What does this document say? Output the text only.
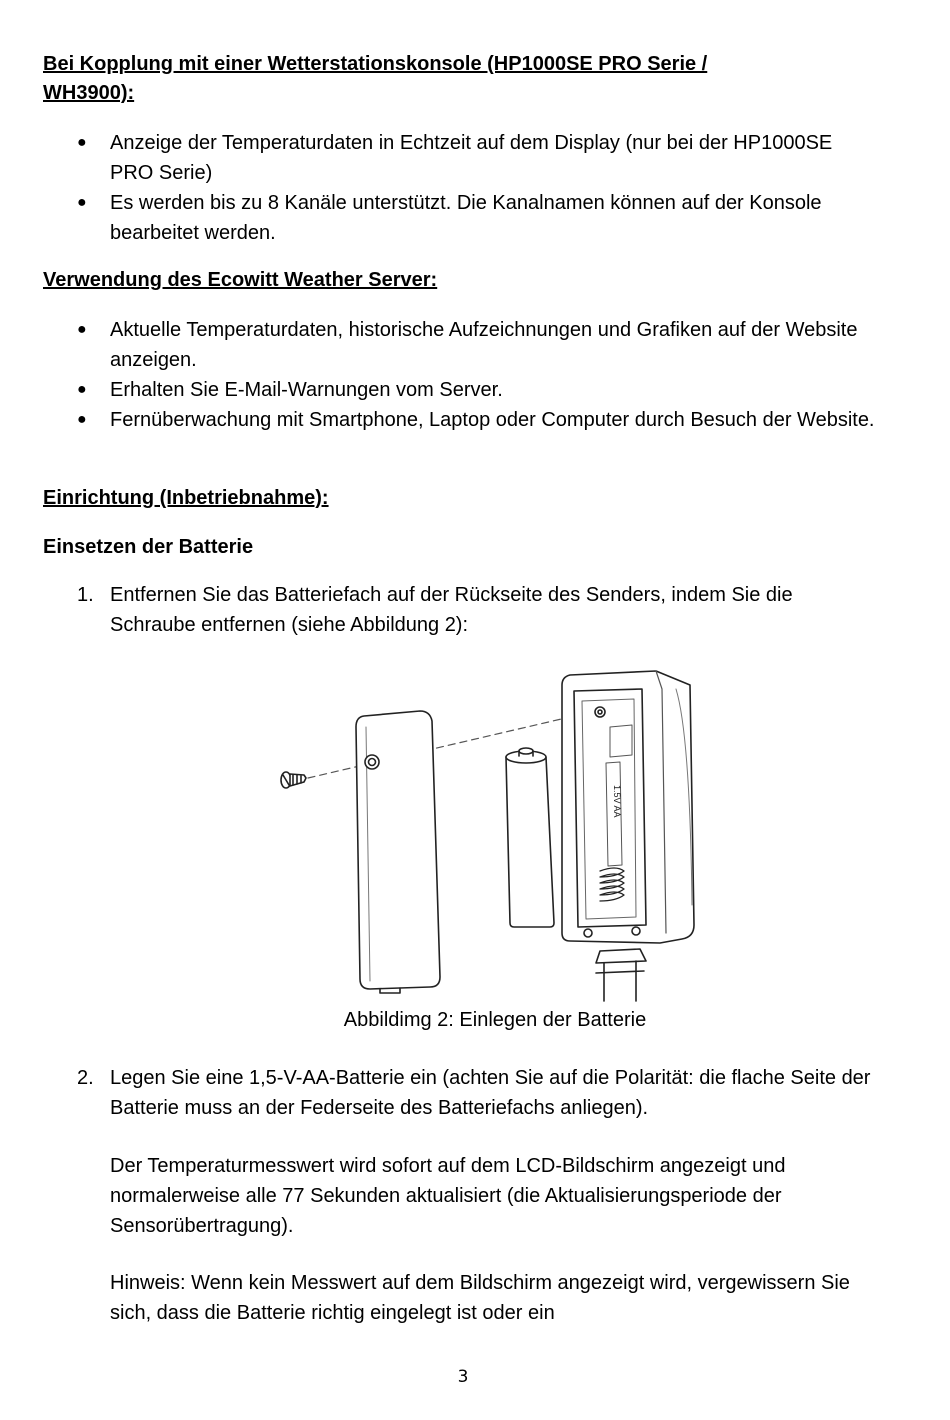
Bei Kopplung mit einer Wetterstationskonsole (HP1000SE PRO Serie / WH3900):
● Anzeige der Temperaturdaten in Echtzeit auf dem Display (nur bei der HP1000SE PRO Serie)
● Es werden bis zu 8 Kanäle unterstützt. Die Kanalnamen können auf der Konsole bearbeitet werden.
Verwendung des Ecowitt Weather Server:
● Aktuelle Temperaturdaten, historische Aufzeichnungen und Grafiken auf der Website anzeigen.
● Erhalten Sie E-Mail-Warnungen vom Server.
● Fernüberwachung mit Smartphone, Laptop oder Computer durch Besuch der Website.
Einrichtung (Inbetriebnahme):
Einsetzen der Batterie
1. Entfernen Sie das Batteriefach auf der Rückseite des Senders, indem Sie die Schraube entfernen (siehe Abbildung 2):
1.5V AA
Abbildimg 2: Einlegen der Batterie
2. Legen Sie eine 1,5-V-AA-Batterie ein (achten Sie auf die Polarität: die flache Seite der Batterie muss an der Federseite des Batteriefachs anliegen).

Der Temperaturmesswert wird sofort auf dem LCD-Bildschirm angezeigt und normalerweise alle 77 Sekunden aktualisiert (die Aktualisierungsperiode der Sensorübertragung).

Hinweis: Wenn kein Messwert auf dem Bildschirm angezeigt wird, vergewissern Sie sich, dass die Batterie richtig eingelegt ist oder ein

3
